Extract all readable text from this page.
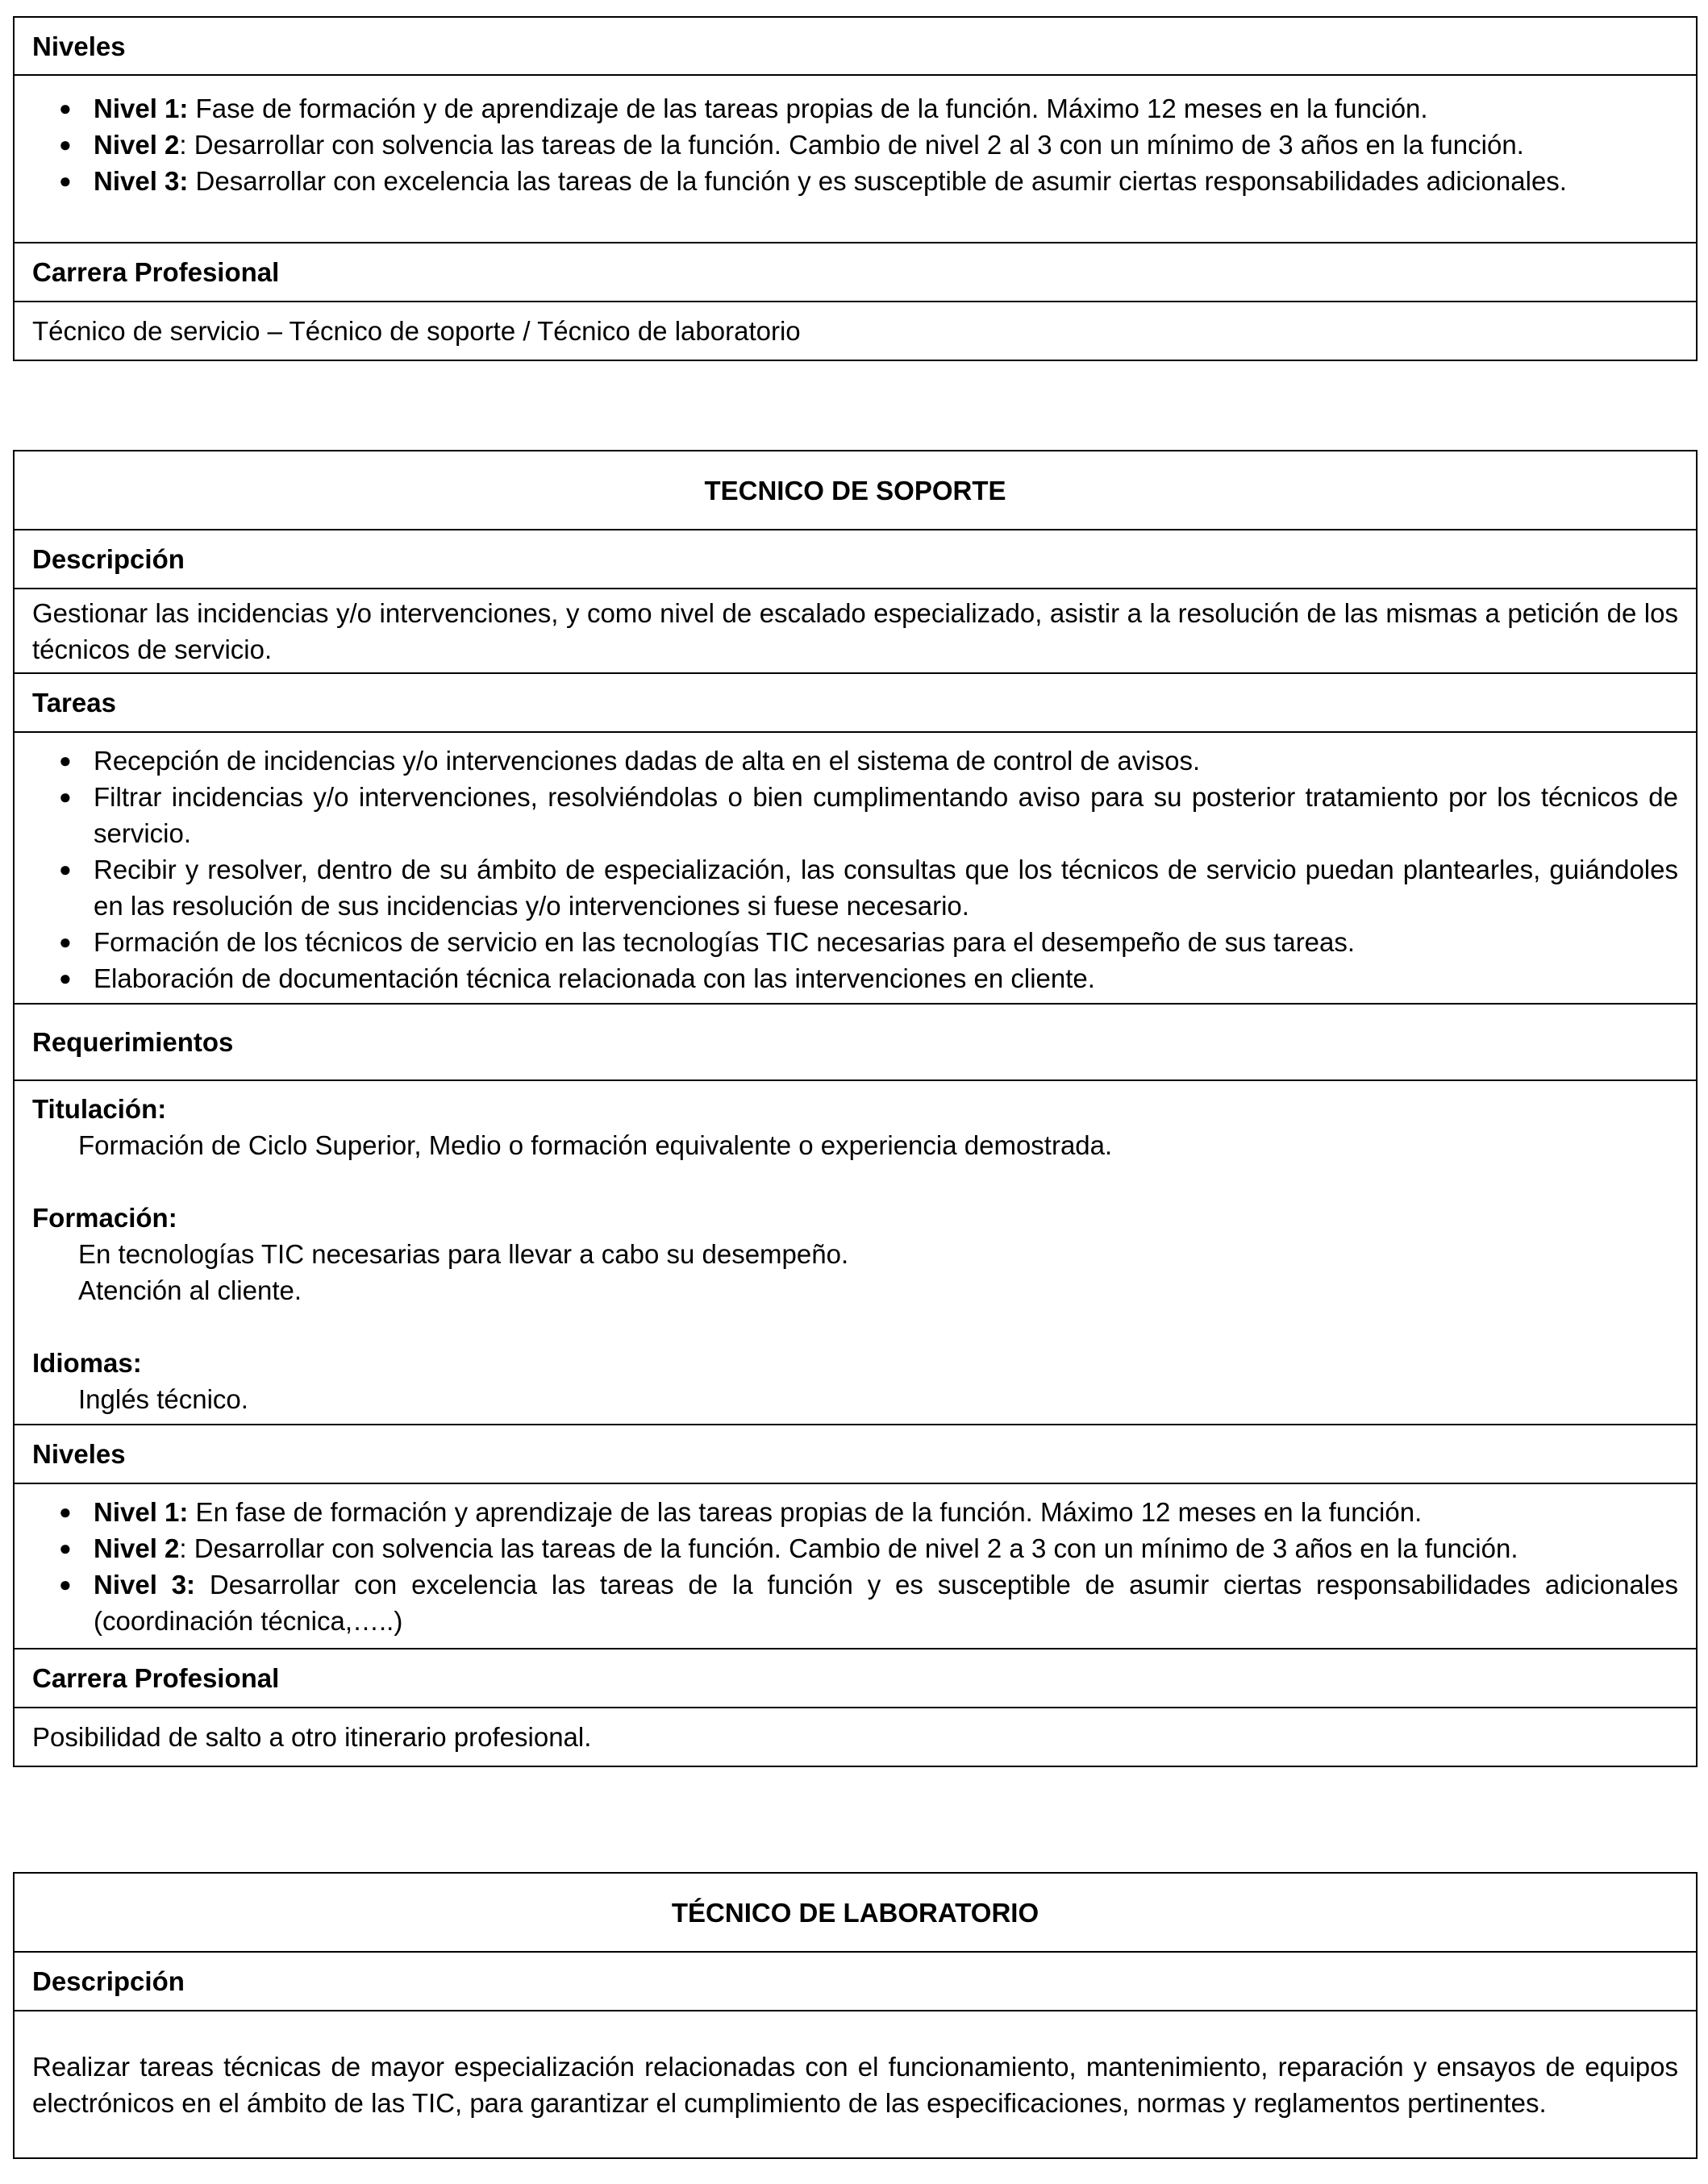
Niveles
● Nivel 1: Fase de formación y de aprendizaje de las tareas propias de la función. Máximo 12 meses en la función.
● Nivel 2: Desarrollar con solvencia las tareas de la función. Cambio de nivel 2 al 3 con un mínimo de 3 años en la función.
● Nivel 3: Desarrollar con excelencia las tareas de la función y es susceptible de asumir ciertas responsabilidades adicionales.
Carrera Profesional
Técnico de servicio – Técnico de soporte / Técnico de laboratorio
TECNICO DE SOPORTE
Descripción
Gestionar las incidencias y/o intervenciones, y como nivel de escalado especializado, asistir a la resolución de las mismas a petición de los técnicos de servicio.
Tareas
● Recepción de incidencias y/o intervenciones dadas de alta en el sistema de control de avisos.
● Filtrar incidencias y/o intervenciones, resolviéndolas o bien cumplimentando aviso para su posterior tratamiento por los técnicos de servicio.
● Recibir y resolver, dentro de su ámbito de especialización, las consultas que los técnicos de servicio puedan plantearles, guiándoles en las resolución de sus incidencias y/o intervenciones si fuese necesario.
● Formación de los técnicos de servicio en las tecnologías TIC necesarias para el desempeño de sus tareas.
● Elaboración de documentación técnica relacionada con las intervenciones en cliente.
Requerimientos
Titulación:
Formación de Ciclo Superior, Medio o formación equivalente o experiencia demostrada.
Formación:
En tecnologías TIC necesarias para llevar a cabo su desempeño.
Atención al cliente.
Idiomas:
Inglés técnico.
Niveles
● Nivel 1: En fase de formación y aprendizaje de las tareas propias de la función. Máximo 12 meses en la función.
● Nivel 2: Desarrollar con solvencia las tareas de la función. Cambio de nivel 2 a 3 con un mínimo de 3 años en la función.
● Nivel 3: Desarrollar con excelencia las tareas de la función y es susceptible de asumir ciertas responsabilidades adicionales (coordinación técnica,…..)
Carrera Profesional
Posibilidad de salto a otro itinerario profesional.
TÉCNICO DE LABORATORIO
Descripción
Realizar tareas técnicas de mayor especialización relacionadas con el funcionamiento, mantenimiento, reparación y ensayos de equipos electrónicos en el ámbito de las TIC, para garantizar el cumplimiento de las especificaciones, normas y reglamentos pertinentes.
